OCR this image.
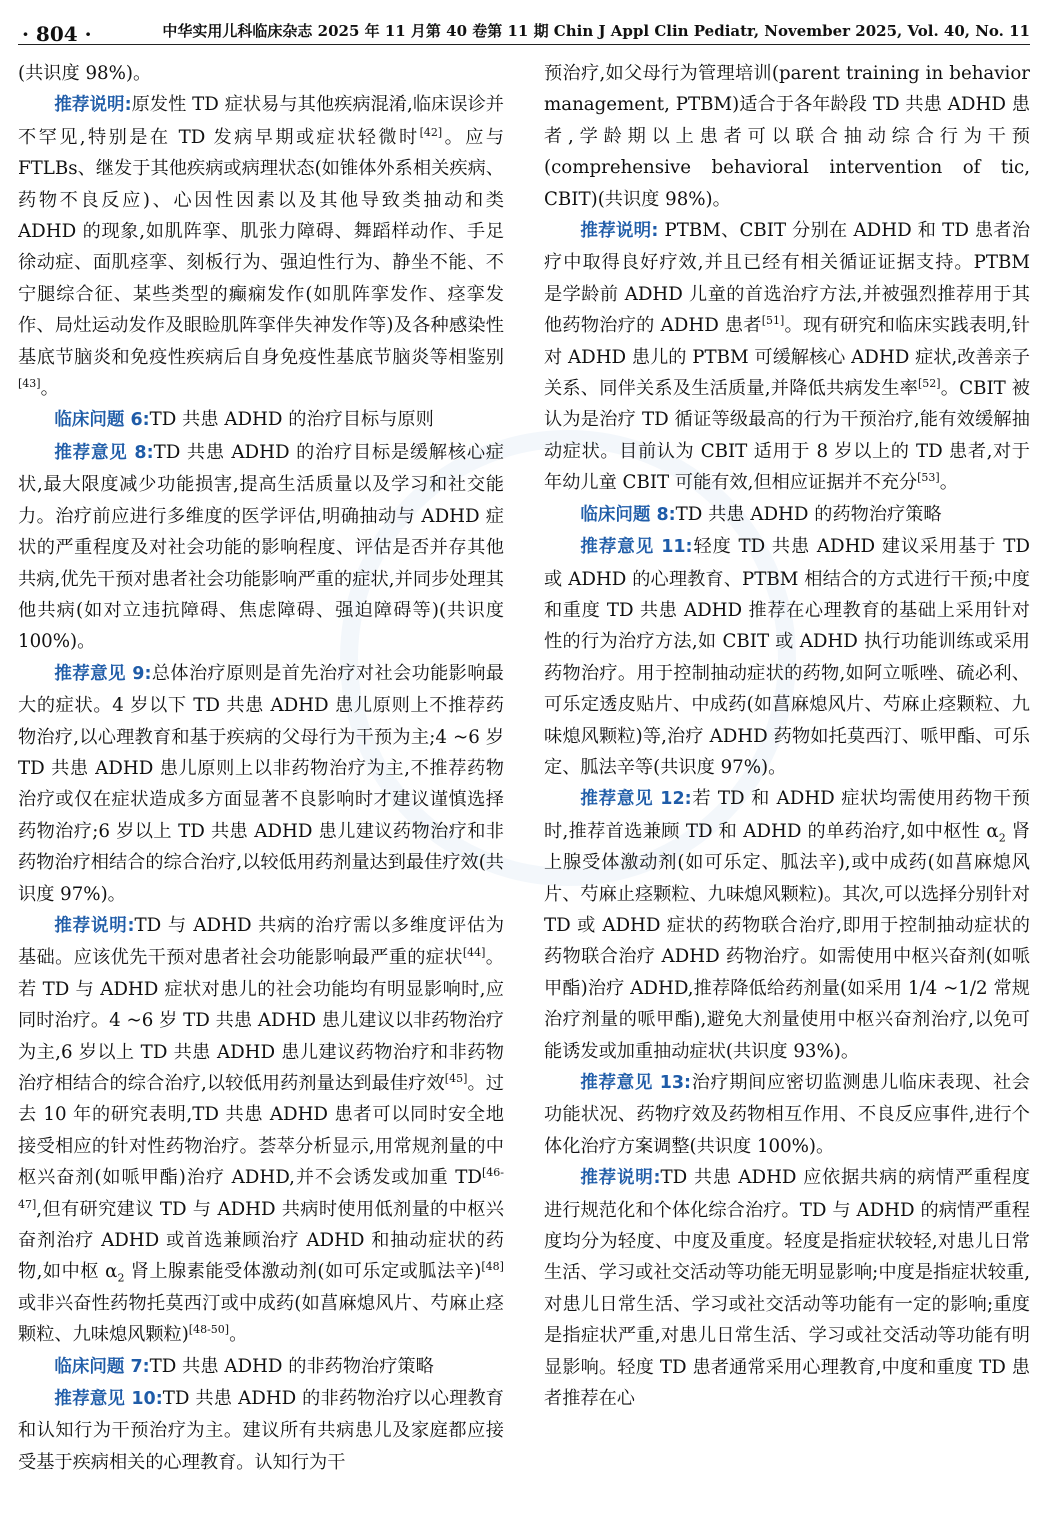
· 804 ·	中华实用儿科临床杂志 2025 年 11 月第 40 卷第 11 期 Chin J Appl Clin Pediatr, November 2025, Vol. 40, No. 11

(共识度 98%)。

推荐说明:原发性 TD 症状易与其他疾病混淆,临床误诊并不罕见,特别是在 TD 发病早期或症状轻微时[42]。应与 FTLBs、继发于其他疾病或病理状态(如锥体外系相关疾病、药物不良反应)、心因性因素以及其他导致类抽动和类 ADHD 的现象,如肌阵挛、肌张力障碍、舞蹈样动作、手足徐动症、面肌痉挛、刻板行为、强迫性行为、静坐不能、不宁腿综合征、某些类型的癫痫发作(如肌阵挛发作、痉挛发作、局灶运动发作及眼睑肌阵挛伴失神发作等)及各种感染性基底节脑炎和免疫性疾病后自身免疫性基底节脑炎等相鉴别[43]。

临床问题 6:TD 共患 ADHD 的治疗目标与原则

推荐意见 8:TD 共患 ADHD 的治疗目标是缓解核心症状,最大限度减少功能损害,提高生活质量以及学习和社交能力。治疗前应进行多维度的医学评估,明确抽动与 ADHD 症状的严重程度及对社会功能的影响程度、评估是否并存其他共病,优先干预对患者社会功能影响严重的症状,并同步处理其他共病(如对立违抗障碍、焦虑障碍、强迫障碍等)(共识度 100%)。

推荐意见 9:总体治疗原则是首先治疗对社会功能影响最大的症状。4 岁以下 TD 共患 ADHD 患儿原则上不推荐药物治疗,以心理教育和基于疾病的父母行为干预为主;4 ~6 岁 TD 共患 ADHD 患儿原则上以非药物治疗为主,不推荐药物治疗或仅在症状造成多方面显著不良影响时才建议谨慎选择药物治疗;6 岁以上 TD 共患 ADHD 患儿建议药物治疗和非药物治疗相结合的综合治疗,以较低用药剂量达到最佳疗效(共识度 97%)。

推荐说明:TD 与 ADHD 共病的治疗需以多维度评估为基础。应该优先干预对患者社会功能影响最严重的症状[44]。若 TD 与 ADHD 症状对患儿的社会功能均有明显影响时,应同时治疗。4 ~6 岁 TD 共患 ADHD 患儿建议以非药物治疗为主,6 岁以上 TD 共患 ADHD 患儿建议药物治疗和非药物治疗相结合的综合治疗,以较低用药剂量达到最佳疗效[45]。过去 10 年的研究表明,TD 共患 ADHD 患者可以同时安全地接受相应的针对性药物治疗。荟萃分析显示,用常规剂量的中枢兴奋剂(如哌甲酯)治疗 ADHD,并不会诱发或加重 TD[46-47],但有研究建议 TD 与 ADHD 共病时使用低剂量的中枢兴奋剂治疗 ADHD 或首选兼顾治疗 ADHD 和抽动症状的药物,如中枢 $\alpha_2$ 肾上腺素能受体激动剂(如可乐定或胍法辛)[48]或非兴奋性药物托莫西汀或中成药(如菖麻熄风片、芍麻止痉颗粒、九味熄风颗粒)[48-50]。

临床问题 7:TD 共患 ADHD 的非药物治疗策略

推荐意见 10:TD 共患 ADHD 的非药物治疗以心理教育和认知行为干预治疗为主。建议所有共病患儿及家庭都应接受基于疾病相关的心理教育。认知行为干

预治疗,如父母行为管理培训(parent training in behavior management, PTBM)适合于各年龄段 TD 共患 ADHD 患者,学龄期以上患者可以联合抽动综合行为干预(comprehensive behavioral intervention of tic, CBIT)(共识度 98%)。

推荐说明: PTBM、CBIT 分别在 ADHD 和 TD 患者治疗中取得良好疗效,并且已经有相关循证证据支持。PTBM 是学龄前 ADHD 儿童的首选治疗方法,并被强烈推荐用于其他药物治疗的 ADHD 患者[51]。现有研究和临床实践表明,针对 ADHD 患儿的 PTBM 可缓解核心 ADHD 症状,改善亲子关系、同伴关系及生活质量,并降低共病发生率[52]。CBIT 被认为是治疗 TD 循证等级最高的行为干预治疗,能有效缓解抽动症状。目前认为 CBIT 适用于 8 岁以上的 TD 患者,对于年幼儿童 CBIT 可能有效,但相应证据并不充分[53]。

临床问题 8:TD 共患 ADHD 的药物治疗策略

推荐意见 11:轻度 TD 共患 ADHD 建议采用基于 TD 或 ADHD 的心理教育、PTBM 相结合的方式进行干预;中度和重度 TD 共患 ADHD 推荐在心理教育的基础上采用针对性的行为治疗方法,如 CBIT 或 ADHD 执行功能训练或采用药物治疗。用于控制抽动症状的药物,如阿立哌唑、硫必利、可乐定透皮贴片、中成药(如菖麻熄风片、芍麻止痉颗粒、九味熄风颗粒)等,治疗 ADHD 药物如托莫西汀、哌甲酯、可乐定、胍法辛等(共识度 97%)。

推荐意见 12:若 TD 和 ADHD 症状均需使用药物干预时,推荐首选兼顾 TD 和 ADHD 的单药治疗,如中枢性 $\alpha_2$ 肾上腺受体激动剂(如可乐定、胍法辛),或中成药(如菖麻熄风片、芍麻止痉颗粒、九味熄风颗粒)。其次,可以选择分别针对 TD 或 ADHD 症状的药物联合治疗,即用于控制抽动症状的药物联合治疗 ADHD 药物治疗。如需使用中枢兴奋剂(如哌甲酯)治疗 ADHD,推荐降低给药剂量(如采用 1/4 ~1/2 常规治疗剂量的哌甲酯),避免大剂量使用中枢兴奋剂治疗,以免可能诱发或加重抽动症状(共识度 93%)。

推荐意见 13:治疗期间应密切监测患儿临床表现、社会功能状况、药物疗效及药物相互作用、不良反应事件,进行个体化治疗方案调整(共识度 100%)。

推荐说明:TD 共患 ADHD 应依据共病的病情严重程度进行规范化和个体化综合治疗。TD 与 ADHD 的病情严重程度均分为轻度、中度及重度。轻度是指症状较轻,对患儿日常生活、学习或社交活动等功能无明显影响;中度是指症状较重,对患儿日常生活、学习或社交活动等功能有一定的影响;重度是指症状严重,对患儿日常生活、学习或社交活动等功能有明显影响。轻度 TD 患者通常采用心理教育,中度和重度 TD 患者推荐在心
